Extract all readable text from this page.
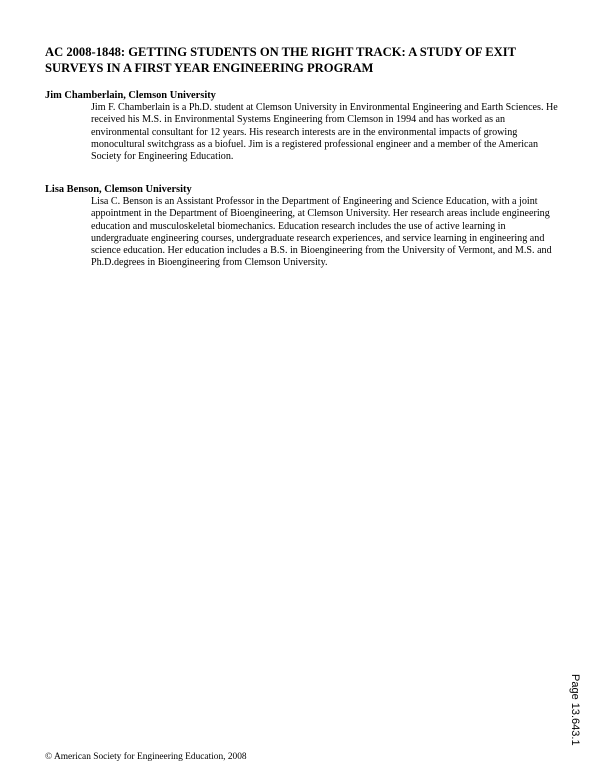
AC 2008-1848: GETTING STUDENTS ON THE RIGHT TRACK: A STUDY OF EXIT SURVEYS IN A FIRST YEAR ENGINEERING PROGRAM

Jim Chamberlain, Clemson University

Jim F. Chamberlain is a Ph.D. student at Clemson University in Environmental Engineering and Earth Sciences. He received his M.S. in Environmental Systems Engineering from Clemson in 1994 and has worked as an environmental consultant for 12 years. His research interests are in the environmental impacts of growing monocultural switchgrass as a biofuel. Jim is a registered professional engineer and a member of the American Society for Engineering Education.

Lisa Benson, Clemson University

Lisa C. Benson is an Assistant Professor in the Department of Engineering and Science Education, with a joint appointment in the Department of Bioengineering, at Clemson University. Her research areas include engineering education and musculoskeletal biomechanics. Education research includes the use of active learning in undergraduate engineering courses, undergraduate research experiences, and service learning in engineering and science education. Her education includes a B.S. in Bioengineering from the University of Vermont, and M.S. and Ph.D.degrees in Bioengineering from Clemson University.

Page 13.643.1

© American Society for Engineering Education, 2008
